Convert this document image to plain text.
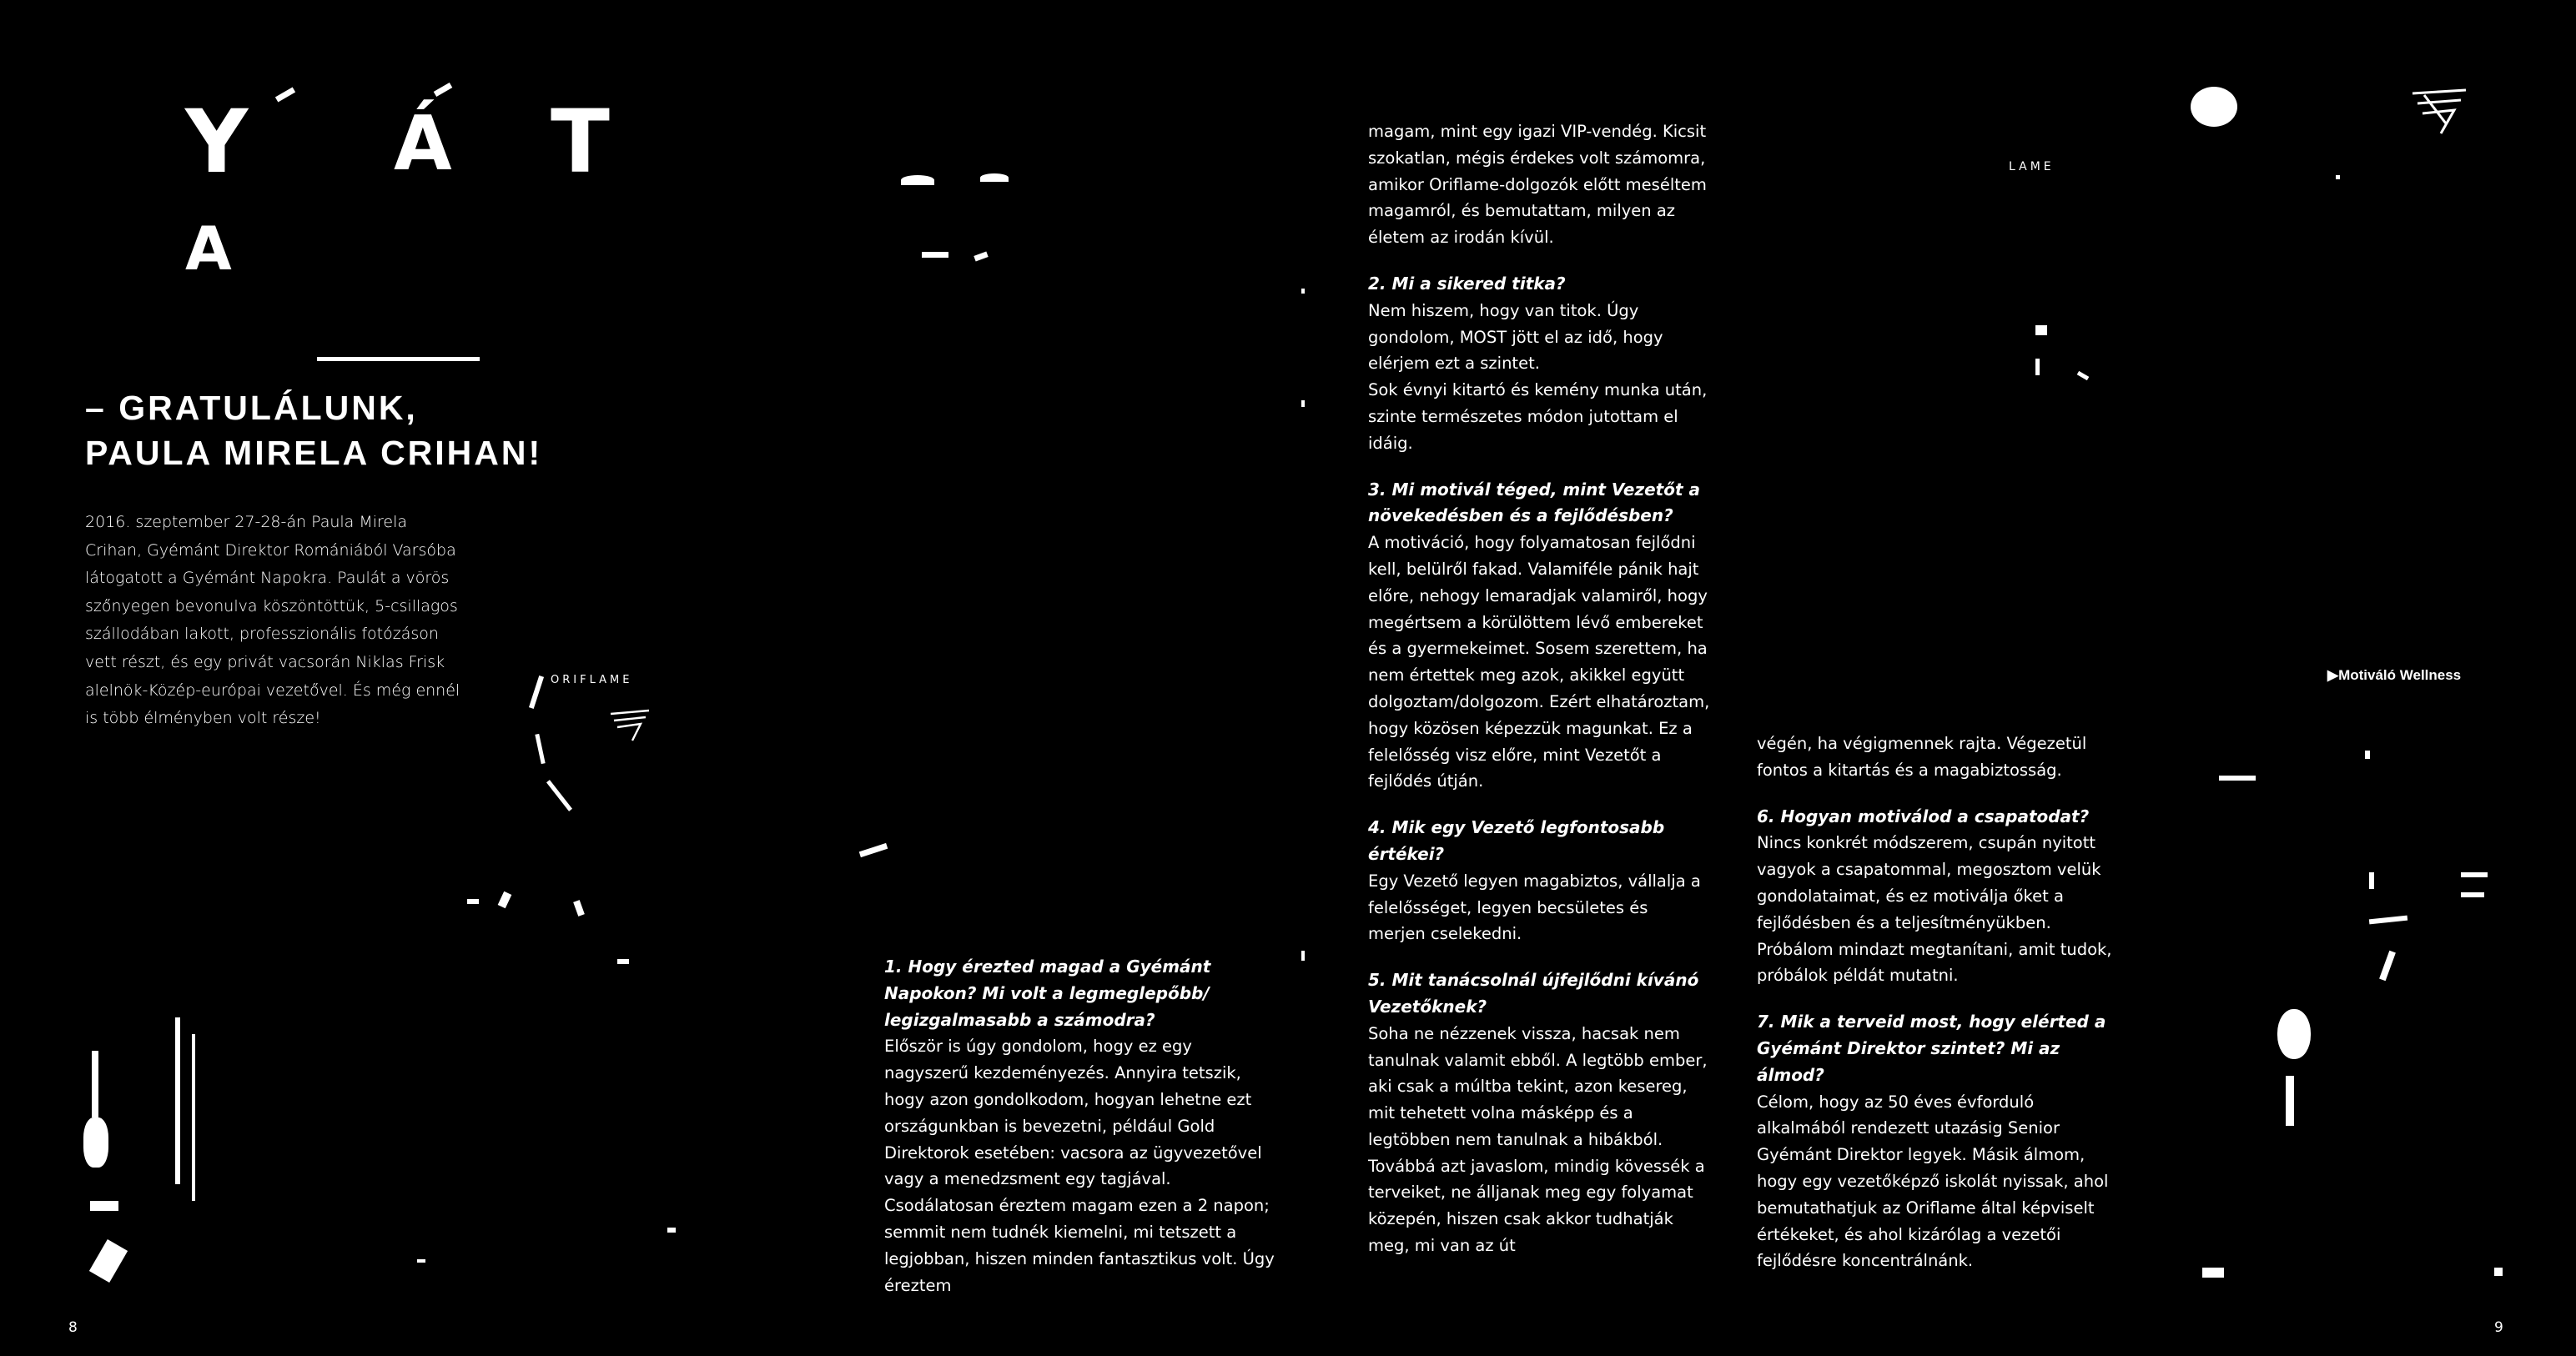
Y Á T
A
– GRATULÁLUNK,
PAULA MIRELA CRIHAN!
2016. szeptember 27-28-án Paula Mirela Crihan, Gyémánt Direktor Romániából Varsóba látogatott a Gyémánt Napokra. Paulát a vörös szőnyegen bevonulva köszöntöttük, 5-csillagos szállodában lakott, professzionális fotózáson vett részt, és egy privát vacsorán Niklas Frisk alelnök-Közép-európai vezetővel. És még ennél is több élményben volt része!
ORIFLAME
LAME
▶Motiváló Wellness

1. Hogy érezted magad a Gyémánt Napokon? Mi volt a legmeglepőbb/ legizgalmasabb a számodra?

Először is úgy gondolom, hogy ez egy nagyszerű kezdeményezés. Annyira tetszik, hogy azon gondolkodom, hogyan lehetne ezt országunkban is bevezetni, például Gold Direktorok esetében: vacsora az ügyvezetővel vagy a menedzsment egy tagjával. Csodálatosan éreztem magam ezen a 2 napon; semmit nem tudnék kiemelni, mi tetszett a legjobban, hiszen minden fantasztikus volt. Úgy éreztem

magam, mint egy igazi VIP-vendég. Kicsit szokatlan, mégis érdekes volt számomra, amikor Oriflame-dolgozók előtt meséltem magamról, és bemutattam, milyen az életem az irodán kívül.

2. Mi a sikered titka?

Nem hiszem, hogy van titok. Úgy gondolom, MOST jött el az idő, hogy elérjem ezt a szintet.

Sok évnyi kitartó és kemény munka után, szinte természetes módon jutottam el idáig.

3. Mi motivál téged, mint Vezetőt a növekedésben és a fejlődésben?

A motiváció, hogy folyamatosan fejlődni kell, belülről fakad. Valamiféle pánik hajt előre, nehogy lemaradjak valamiről, hogy megértsem a körülöttem lévő embereket és a gyermekeimet. Sosem szerettem, ha nem értettek meg azok, akikkel együtt dolgoztam/dolgozom. Ezért elhatároztam, hogy közösen képezzük magunkat. Ez a felelősség visz előre, mint Vezetőt a fejlődés útján.

4. Mik egy Vezető legfontosabb értékei?

Egy Vezető legyen magabiztos, vállalja a felelősséget, legyen becsületes és merjen cselekedni.

5. Mit tanácsolnál újfejlődni kívánó Vezetőknek?

Soha ne nézzenek vissza, hacsak nem tanulnak valamit ebből. A legtöbb ember, aki csak a múltba tekint, azon kesereg, mit tehetett volna másképp és a legtöbben nem tanulnak a hibákból. Továbbá azt javaslom, mindig kövessék a terveiket, ne álljanak meg egy folyamat közepén, hiszen csak akkor tudhatják meg, mi van az út

végén, ha végigmennek rajta. Végezetül fontos a kitartás és a magabiztosság.

6. Hogyan motiválod a csapatodat?

Nincs konkrét módszerem, csupán nyitott vagyok a csapatommal, megosztom velük gondolataimat, és ez motiválja őket a fejlődésben és a teljesítményükben. Próbálom mindazt megtanítani, amit tudok, próbálok példát mutatni.

7. Mik a terveid most, hogy elérted a Gyémánt Direktor szintet? Mi az álmod?

Célom, hogy az 50 éves évforduló alkalmából rendezett utazásig Senior Gyémánt Direktor legyek. Másik álmom, hogy egy vezetőképző iskolát nyissak, ahol bemutathatjuk az Oriflame által képviselt értékeket, és ahol kizárólag a vezetői fejlődésre koncentrálnánk.

8	9
